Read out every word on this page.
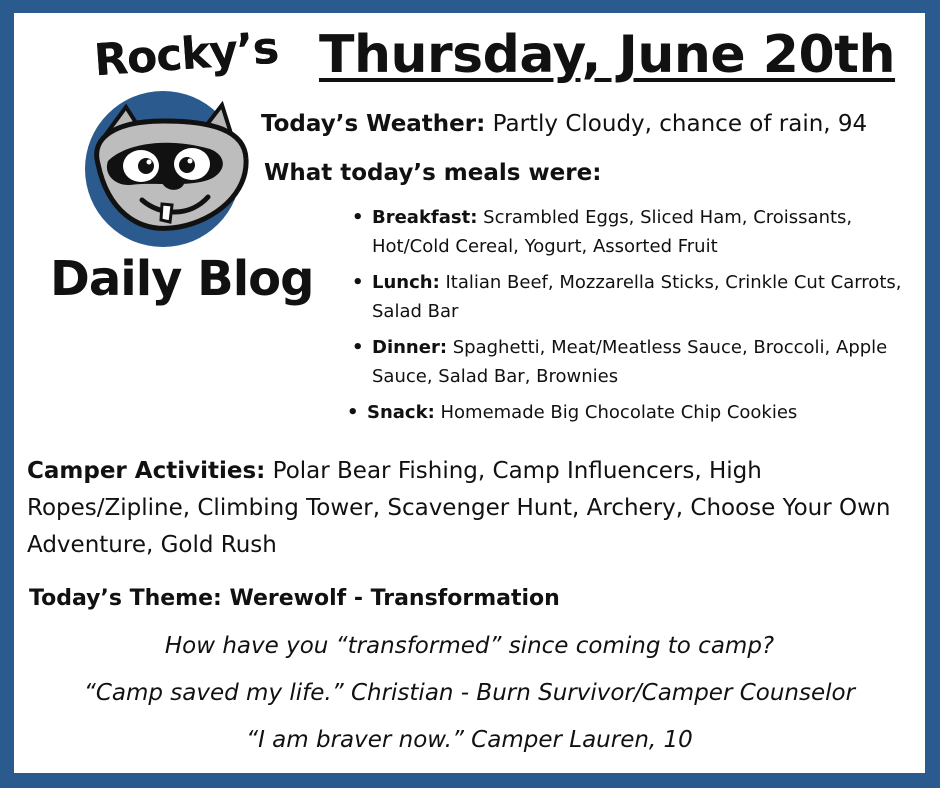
Rocky’s
Daily Blog
Thursday, June 20th
Today’s Weather: Partly Cloudy, chance of rain, 94
What today’s meals were:
• Breakfast: Scrambled Eggs, Sliced Ham, Croissants, Hot/Cold Cereal, Yogurt, Assorted Fruit
• Lunch: Italian Beef, Mozzarella Sticks, Crinkle Cut Carrots, Salad Bar
• Dinner: Spaghetti, Meat/Meatless Sauce, Broccoli, Apple Sauce, Salad Bar, Brownies
• Snack: Homemade Big Chocolate Chip Cookies
Camper Activities: Polar Bear Fishing, Camp Influencers, High Ropes/Zipline, Climbing Tower, Scavenger Hunt, Archery, Choose Your Own Adventure, Gold Rush
Today’s Theme: Werewolf - Transformation
How have you “transformed” since coming to camp?
“Camp saved my life.” Christian - Burn Survivor/Camper Counselor
“I am braver now.” Camper Lauren, 10
